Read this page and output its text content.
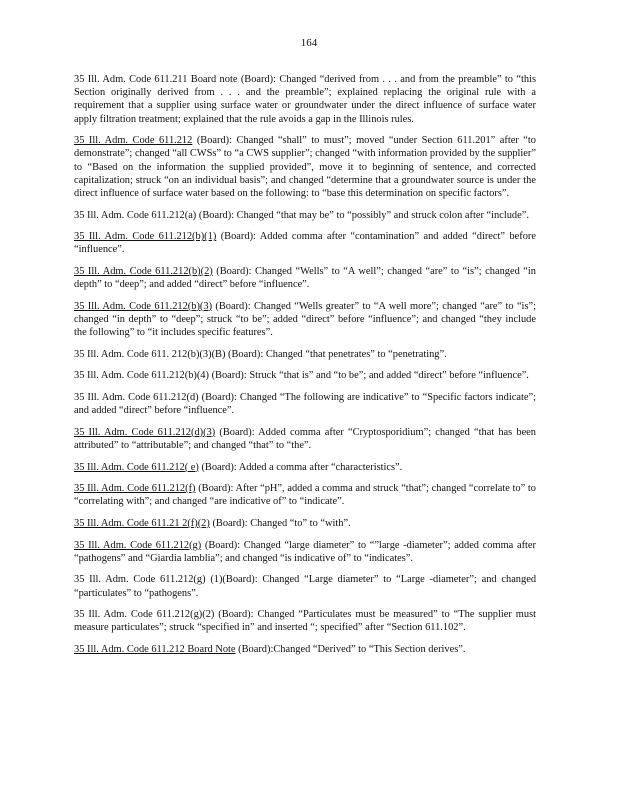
164

35 Ill. Adm. Code 611.211 Board note (Board): Changed “derived from . . . and from the preamble” to “this Section originally derived from . . . and the preamble”; explained replacing the original rule with a requirement that a supplier using surface water or groundwater under the direct influence of surface water apply filtration treatment; explained that the rule avoids a gap in the Illinois rules.

35 Ill. Adm. Code 611.212 (Board): Changed “shall” to must”; moved “under Section 611.201” after “to demonstrate”; changed “all CWSs” to “a CWS supplier”; changed “with information provided by the supplier” to “Based on the information the supplied provided”, move it to beginning of sentence, and corrected capitalization; struck “on an individual basis”; and changed “determine that a groundwater source is under the direct influence of surface water based on the following: to “base this determination on specific factors”.

35 Ill. Adm. Code 611.212(a) (Board): Changed “that may be” to “possibly” and struck colon after “include”.

35 Ill. Adm. Code 611.212(b)(1) (Board): Added comma after “contamination” and added “direct” before “influence”.

35 Ill. Adm. Code 611.212(b)(2) (Board): Changed “Wells” to “A well”; changed “are” to “is”; changed “in depth” to “deep”; and added “direct” before “influence”.

35 Ill. Adm. Code 611.212(b)(3) (Board): Changed “Wells greater” to “A well more”; changed “are” to “is”; changed “in depth” to “deep”; struck “to be”; added “direct” before “influence”; and changed “they include the following” to “it includes specific features”.

35 Ill. Adm. Code 611. 212(b)(3)(B) (Board): Changed “that penetrates” to “penetrating”.

35 Ill. Adm. Code 611.212(b)(4) (Board): Struck “that is” and “to be”; and added “direct” before “influence”.

35 Ill. Adm. Code 611.212(d) (Board): Changed “The following are indicative” to “Specific factors indicate”; and added “direct” before “influence”.

35 Ill. Adm. Code 611.212(d)(3) (Board): Added comma after “Cryptosporidium”; changed “that has been attributed” to “attributable”; and changed “that” to “the”.

35 Ill. Adm. Code 611.212( e) (Board): Added a comma after “characteristics”.

35 Ill. Adm. Code 611.212(f) (Board): After “pH”, added a comma and struck “that”; changed “correlate to” to “correlating with”; and changed “are indicative of” to “indicate”.

35 Ill. Adm. Code 611.21 2(f)(2) (Board): Changed “to” to “with”.

35 Ill. Adm. Code 611.212(g) (Board): Changed “large diameter” to “”large -diameter”; added comma after “pathogens” and “Giardia lamblia”; and changed “is indicative of” to “indicates”.

35 Ill. Adm. Code 611.212(g) (1)(Board): Changed “Large diameter” to “Large -diameter”; and changed “particulates” to “pathogens”.

35 Ill. Adm. Code 611.212(g)(2) (Board): Changed “Particulates must be measured” to “The supplier must measure particulates”; struck “specified in” and inserted “; specified” after “Section 611.102”.

35 Ill. Adm. Code 611.212 Board Note (Board):Changed “Derived” to “This Section derives”.
